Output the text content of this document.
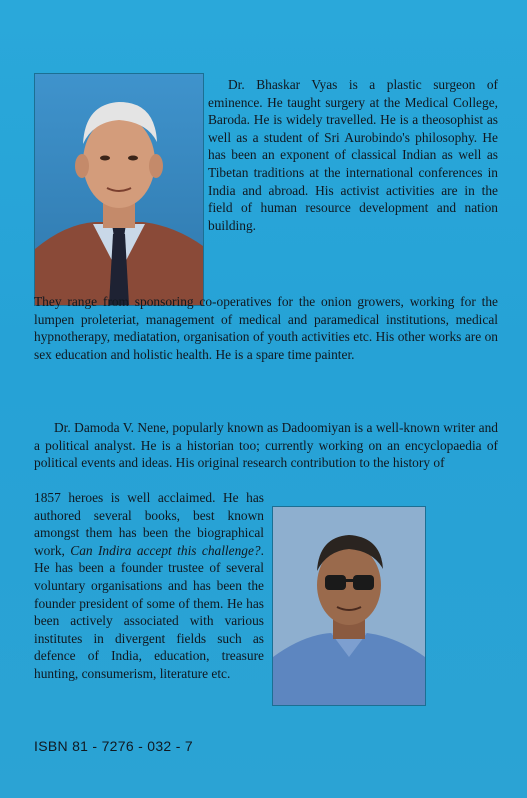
Dr. Bhaskar Vyas is a plastic surgeon of eminence. He taught surgery at the Medical College, Baroda. He is widely travelled. He is a theosophist as well as a student of Sri Aurobindo's philosophy. He has been an exponent of classical Indian as well as Tibetan traditions at the international conferences in India and abroad. His activist activities are in the field of human resource development and nation building.

They range from sponsoring co-operatives for the onion growers, working for the lumpen proleteriat, management of medical and paramedical institutions, medical hypnotherapy, mediatation, organisation of youth activities etc. His other works are on sex education and holistic health. He is a spare time painter.

Dr. Damoda V. Nene, popularly known as Dadoomiyan is a well-known writer and a political analyst. He is a historian too; currently working on an encyclopaedia of political events and ideas. His original research contribution to the history of

1857 heroes is well acclaimed. He has authored several books, best known amongst them has been the biographical work, Can Indira accept this challenge?. He has been a founder trustee of several voluntary organisations and has been the founder president of some of them. He has been actively associated with various institutes in divergent fields such as defence of India, education, treasure hunting, consumerism, literature etc.

ISBN 81 - 7276 - 032 - 7
